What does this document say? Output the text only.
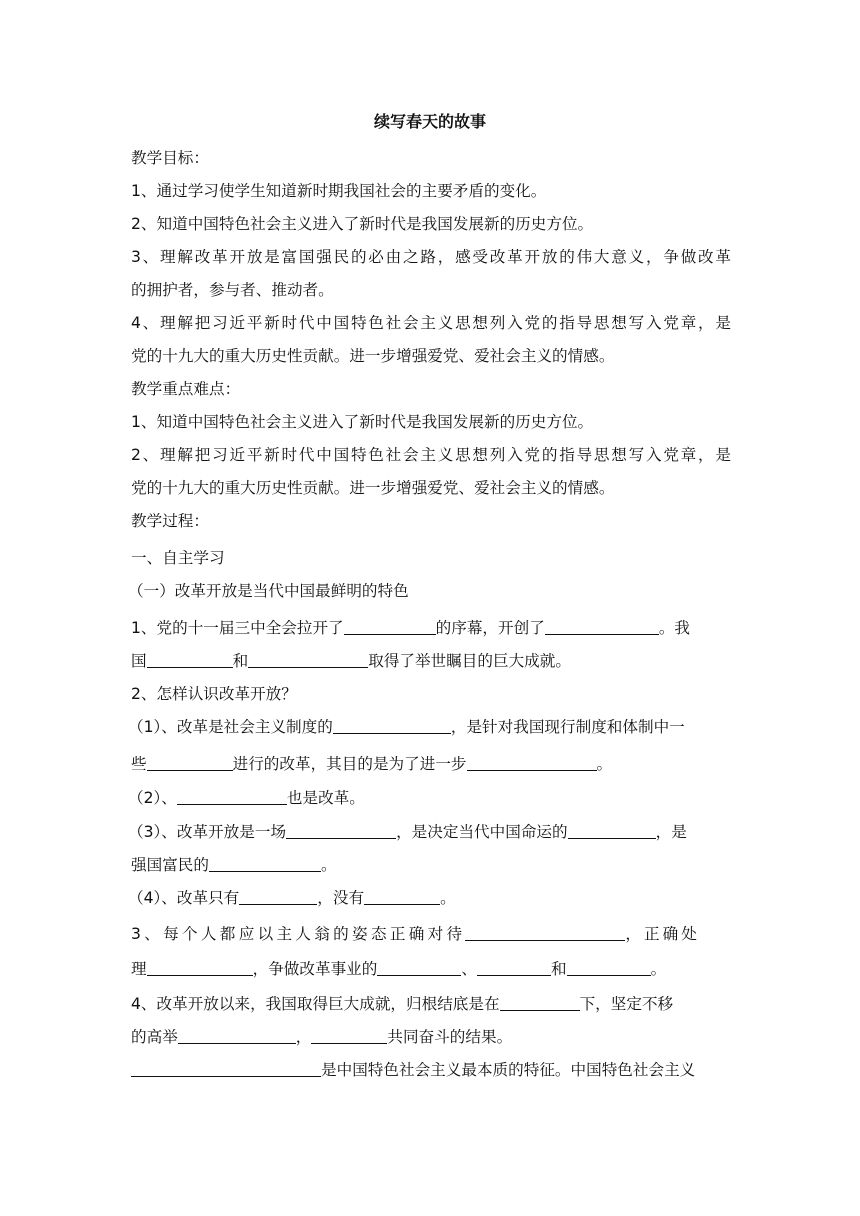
续写春天的故事
教学目标：
1、通过学习使学生知道新时期我国社会的主要矛盾的变化。
2、知道中国特色社会主义进入了新时代是我国发展新的历史方位。
3、理解改革开放是富国强民的必由之路，感受改革开放的伟大意义，争做改革
的拥护者，参与者、推动者。
4、理解把习近平新时代中国特色社会主义思想列入党的指导思想写入党章，是
党的十九大的重大历史性贡献。进一步增强爱党、爱社会主义的情感。
教学重点难点：
1、知道中国特色社会主义进入了新时代是我国发展新的历史方位。
2、理解把习近平新时代中国特色社会主义思想列入党的指导思想写入党章，是
党的十九大的重大历史性贡献。进一步增强爱党、爱社会主义的情感。
教学过程：
一、自主学习
（一）改革开放是当代中国最鲜明的特色
1、党的十一届三中全会拉开了	的序幕，开创了	。我
国	和	取得了举世瞩目的巨大成就。
2、怎样认识改革开放？
（1）、改革是社会主义制度的	，是针对我国现行制度和体制中一
些	进行的改革，其目的是为了进一步	。
（2）、	也是改革。
（3）、改革开放是一场	，是决定当代中国命运的	，是
强国富民的	。
（4）、改革只有	，没有	。
3、每个人都应以主人翁的姿态正确对待	，正确处
理	，争做改革事业的	、	和	。
4、改革开放以来，我国取得巨大成就，归根结底是在	下，坚定不移
的高举	，	共同奋斗的结果。
是中国特色社会主义最本质的特征。中国特色社会主义
